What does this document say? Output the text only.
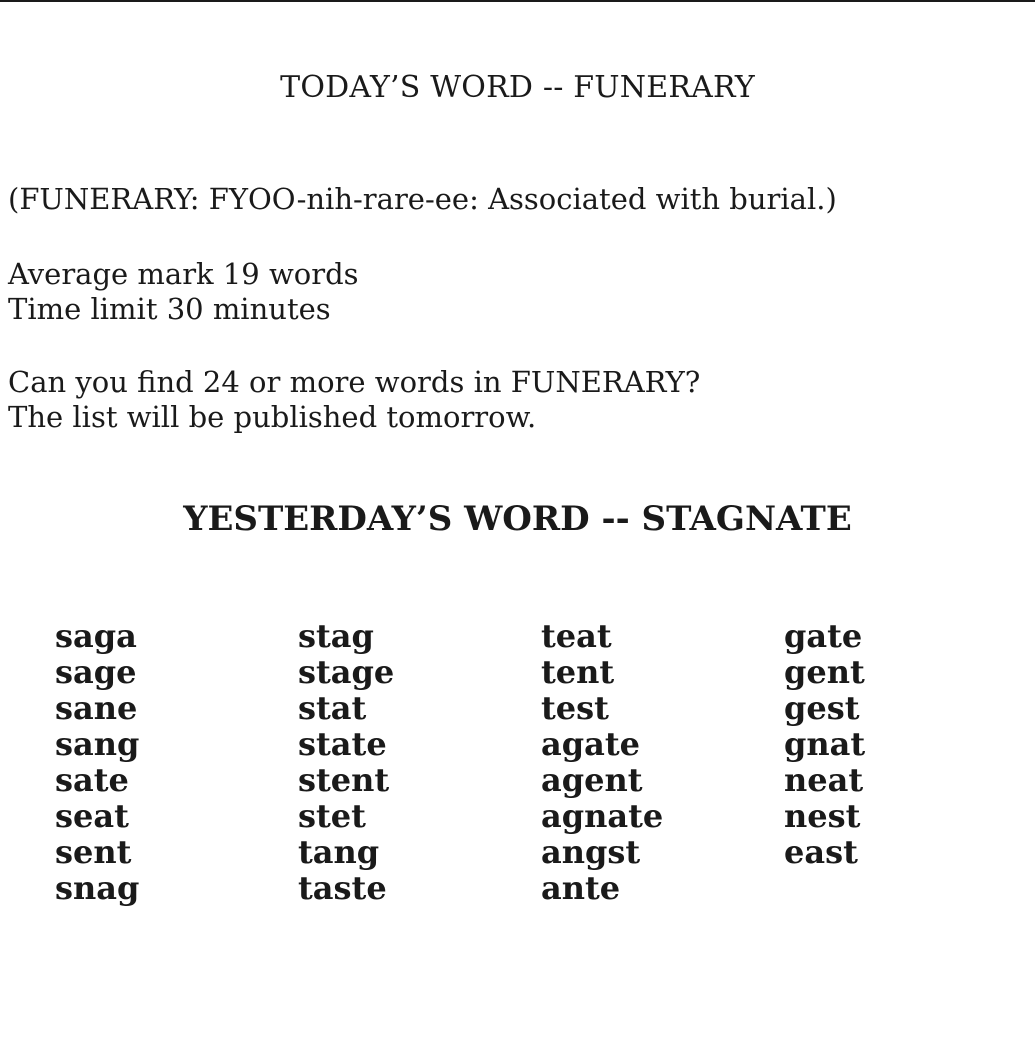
TODAY’S WORD -- FUNERARY
(FUNERARY: FYOO-nih-rare-ee: Associated with burial.)
Average mark 19 words
Time limit 30 minutes
Can you find 24 or more words in FUNERARY?
The list will be published tomorrow.
YESTERDAY’S WORD -- STAGNATE
saga
sage
sane
sang
sate
seat
sent
snag
stag
stage
stat
state
stent
stet
tang
taste
teat
tent
test
agate
agent
agnate
angst
ante
gate
gent
gest
gnat
neat
nest
east
